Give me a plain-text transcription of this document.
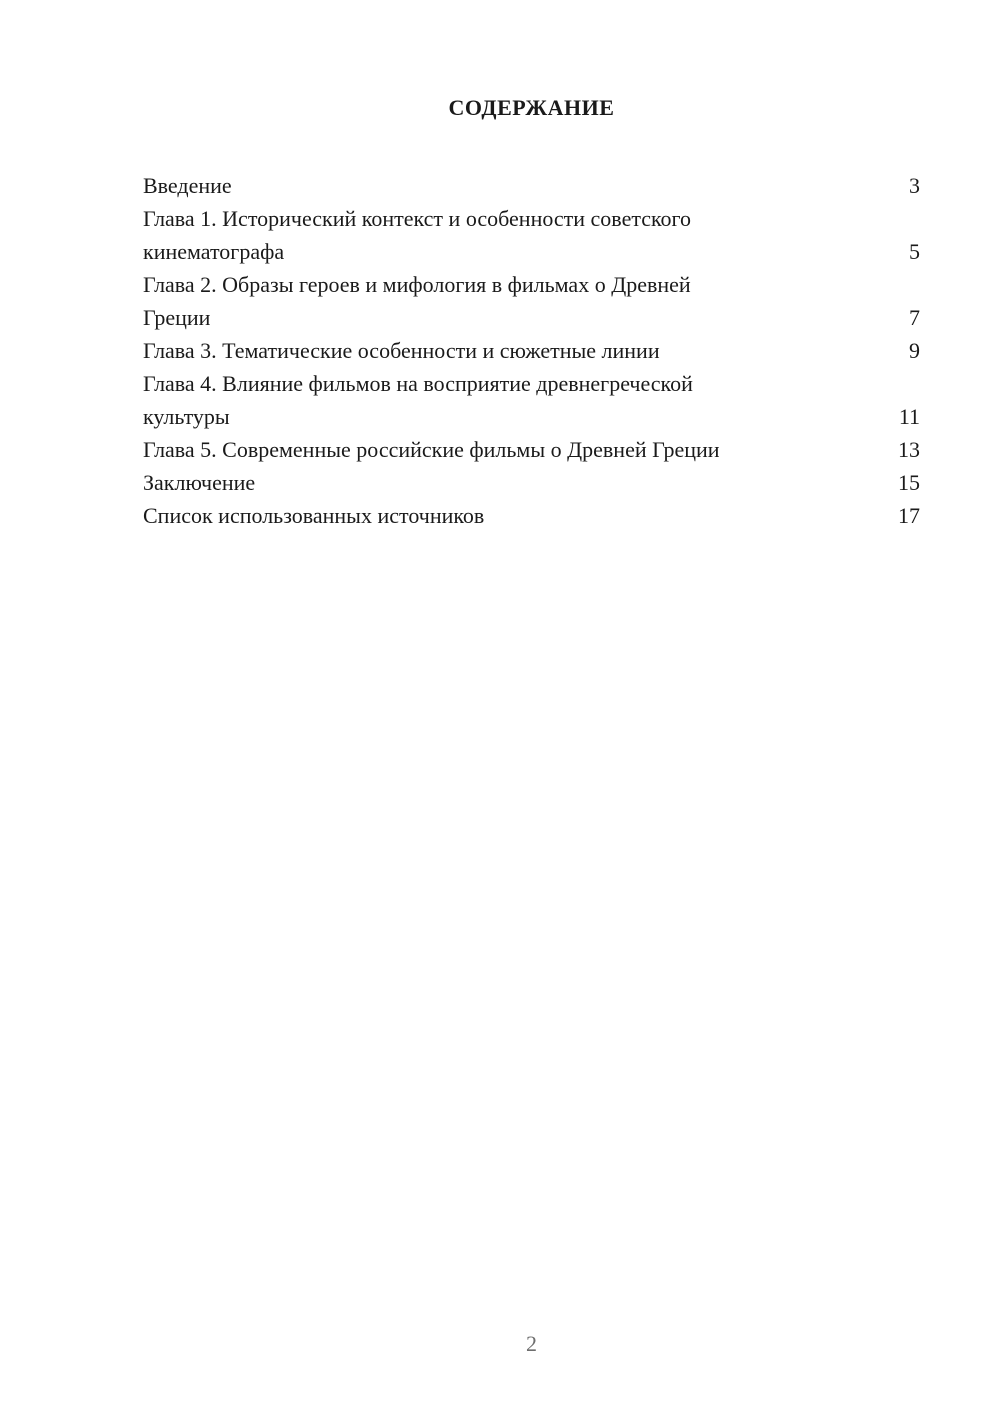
СОДЕРЖАНИЕ
Введение	3
Глава 1. Исторический контекст и особенности советского
кинематографа	5
Глава 2. Образы героев и мифология в фильмах о Древней
Греции	7
Глава 3. Тематические особенности и сюжетные линии	9
Глава 4. Влияние фильмов на восприятие древнегреческой
культуры	11
Глава 5. Современные российские фильмы о Древней Греции	13
Заключение	15
Список использованных источников	17
2
